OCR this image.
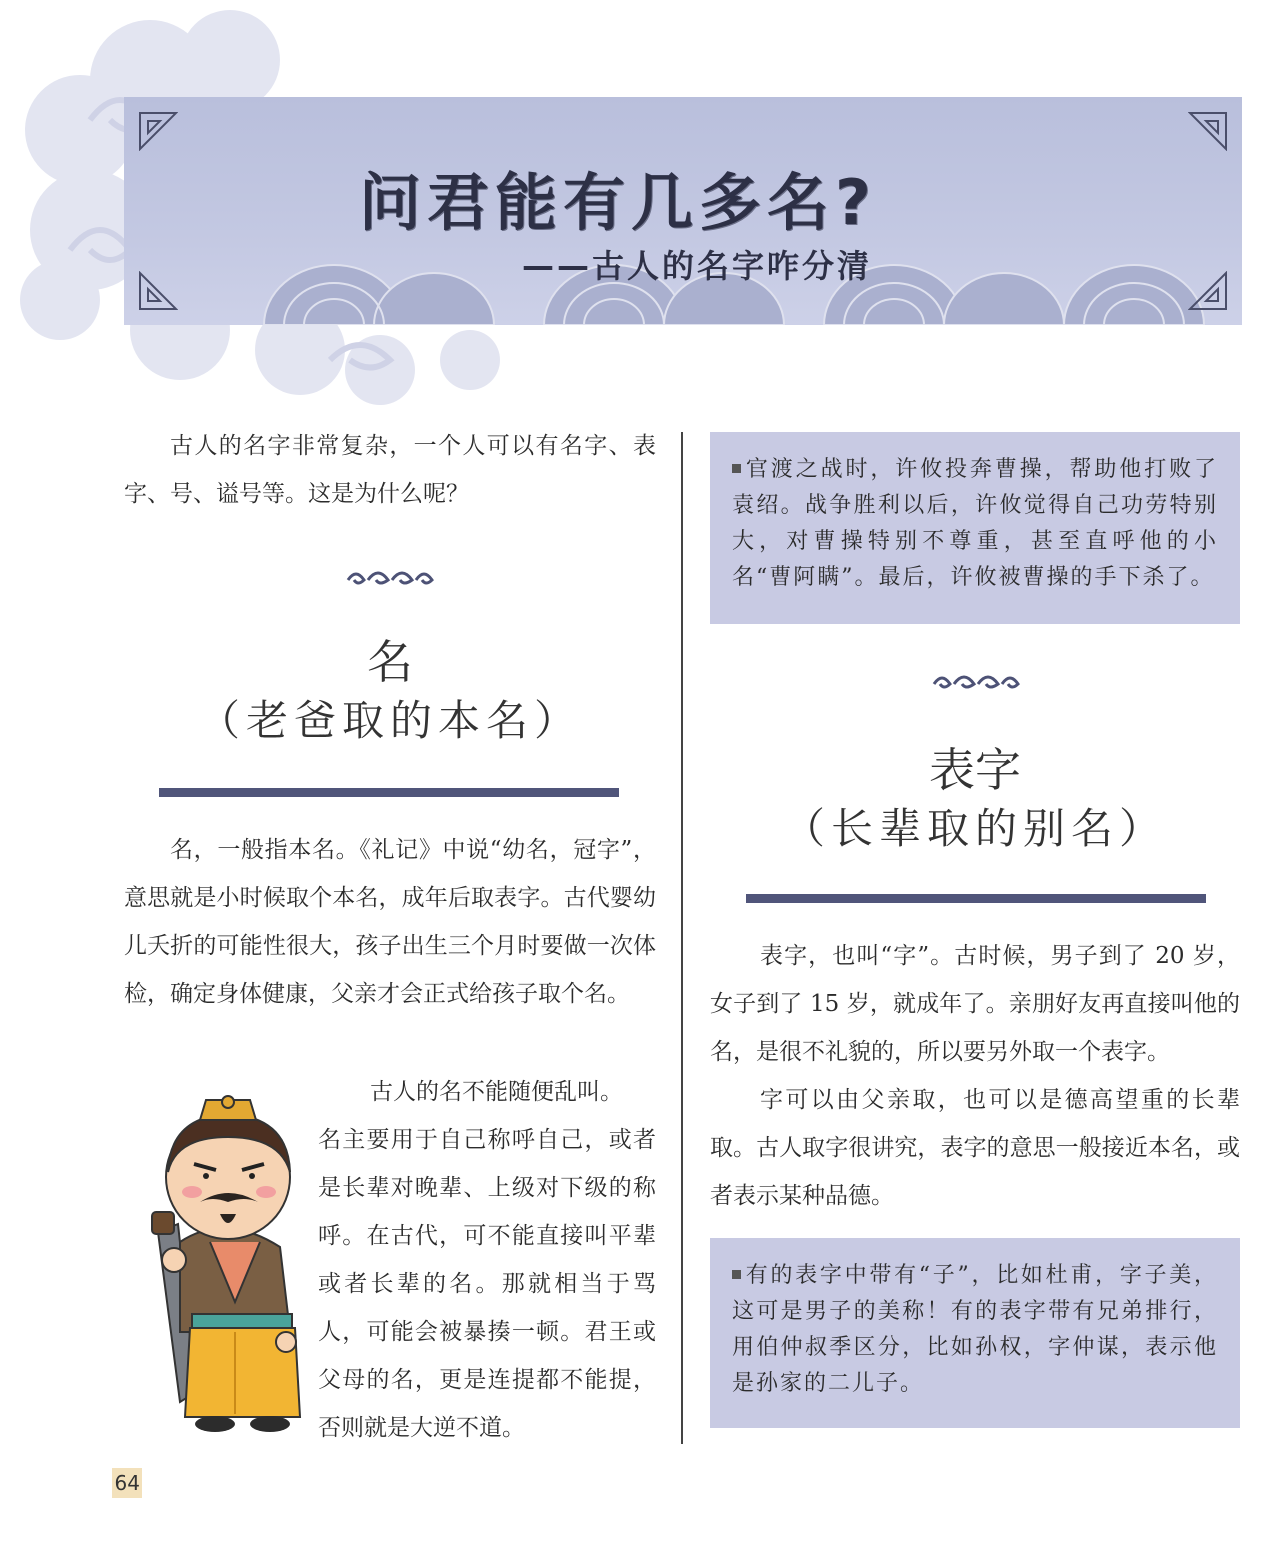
问君能有几多名?
——古人的名字咋分清

古人的名字非常复杂，一个人可以有名字、表字、号、谥号等。这是为什么呢？

名
（老爸取的本名）

名，一般指本名。《礼记》中说“幼名，冠字”，意思就是小时候取个本名，成年后取表字。古代婴幼儿夭折的可能性很大，孩子出生三个月时要做一次体检，确定身体健康，父亲才会正式给孩子取个名。

古人的名不能随便乱叫。

名主要用于自己称呼自己，或者是长辈对晚辈、上级对下级的称呼。在古代，可不能直接叫平辈或者长辈的名。那就相当于骂人，可能会被暴揍一顿。君王或父母的名，更是连提都不能提，否则就是大逆不道。

官渡之战时，许攸投奔曹操，帮助他打败了袁绍。战争胜利以后，许攸觉得自己功劳特别大，对曹操特别不尊重，甚至直呼他的小名“曹阿瞒”。最后，许攸被曹操的手下杀了。
表字
（长辈取的别名）

表字，也叫“字”。古时候，男子到了 20 岁，女子到了 15 岁，就成年了。亲朋好友再直接叫他的名，是很不礼貌的，所以要另外取一个表字。

字可以由父亲取，也可以是德高望重的长辈取。古人取字很讲究，表字的意思一般接近本名，或者表示某种品德。

有的表字中带有“子”，比如杜甫，字子美，这可是男子的美称！有的表字带有兄弟排行，用伯仲叔季区分，比如孙权，字仲谋，表示他是孙家的二儿子。
64
